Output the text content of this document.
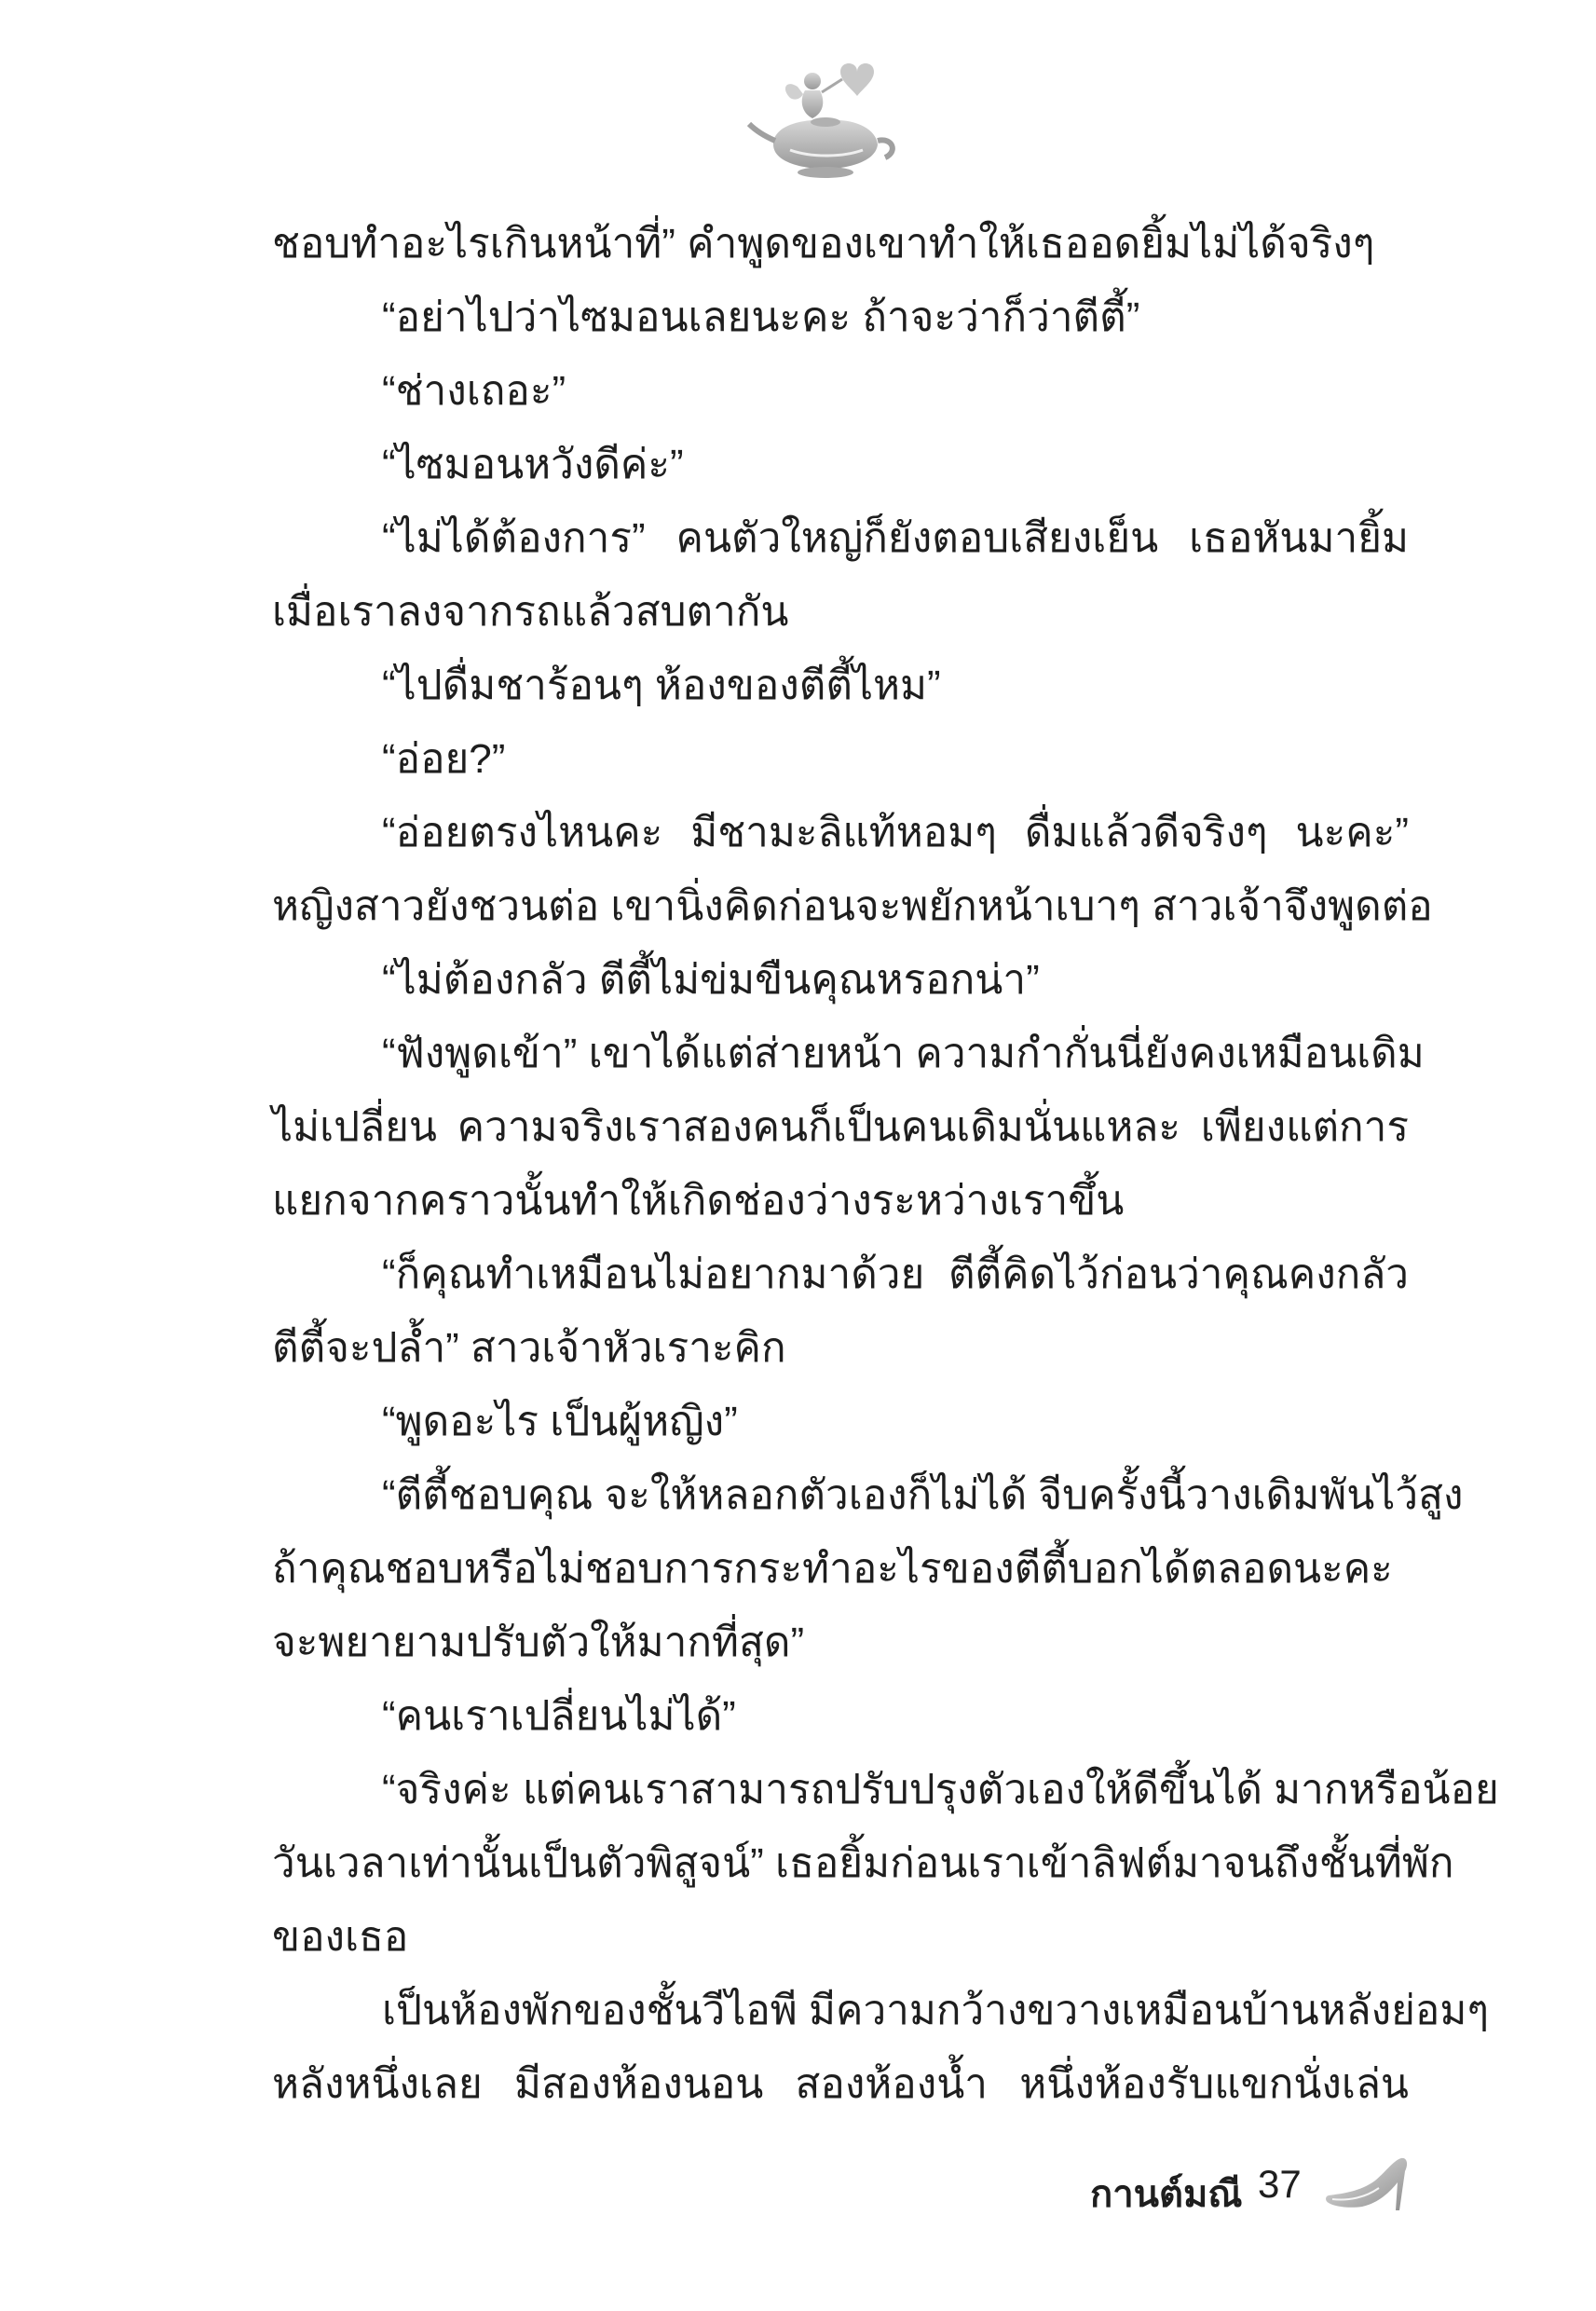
ชอบทำอะไรเกินหน้าที่” คำพูดของเขาทำให้เธออดยิ้มไม่ได้จริงๆ
“อย่าไปว่าไซมอนเลยนะคะ ถ้าจะว่าก็ว่าตีตี้”
“ช่างเถอะ”
“ไซมอนหวังดีค่ะ”
“ไม่ได้ต้องการ” คนตัวใหญ่ก็ยังตอบเสียงเย็น เธอหันมายิ้ม
เมื่อเราลงจากรถแล้วสบตากัน
“ไปดื่มชาร้อนๆ ห้องของตีตี้ไหม”
“อ่อย?”
“อ่อยตรงไหนคะ มีชามะลิแท้หอมๆ ดื่มแล้วดีจริงๆ นะคะ”
หญิงสาวยังชวนต่อ เขานิ่งคิดก่อนจะพยักหน้าเบาๆ สาวเจ้าจึงพูดต่อ
“ไม่ต้องกลัว ตีตี้ไม่ข่มขืนคุณหรอกน่า”
“ฟังพูดเข้า” เขาได้แต่ส่ายหน้า ความกำกั่นนี่ยังคงเหมือนเดิม
ไม่เปลี่ยน ความจริงเราสองคนก็เป็นคนเดิมนั่นแหละ เพียงแต่การ
แยกจากคราวนั้นทำให้เกิดช่องว่างระหว่างเราขึ้น
“ก็คุณทำเหมือนไม่อยากมาด้วย ตีตี้คิดไว้ก่อนว่าคุณคงกลัว
ตีตี้จะปล้ำ” สาวเจ้าหัวเราะคิก
“พูดอะไร เป็นผู้หญิง”
“ตีตี้ชอบคุณ จะให้หลอกตัวเองก็ไม่ได้ จีบครั้งนี้วางเดิมพันไว้สูง
ถ้าคุณชอบหรือไม่ชอบการกระทำอะไรของตีตี้บอกได้ตลอดนะคะ
จะพยายามปรับตัวให้มากที่สุด”
“คนเราเปลี่ยนไม่ได้”
“จริงค่ะ แต่คนเราสามารถปรับปรุงตัวเองให้ดีขึ้นได้ มากหรือน้อย
วันเวลาเท่านั้นเป็นตัวพิสูจน์” เธอยิ้มก่อนเราเข้าลิฟต์มาจนถึงชั้นที่พัก
ของเธอ
เป็นห้องพักของชั้นวีไอพี มีความกว้างขวางเหมือนบ้านหลังย่อมๆ
หลังหนึ่งเลย มีสองห้องนอน สองห้องน้ำ หนึ่งห้องรับแขกนั่งเล่น
กานต์มณี 37
